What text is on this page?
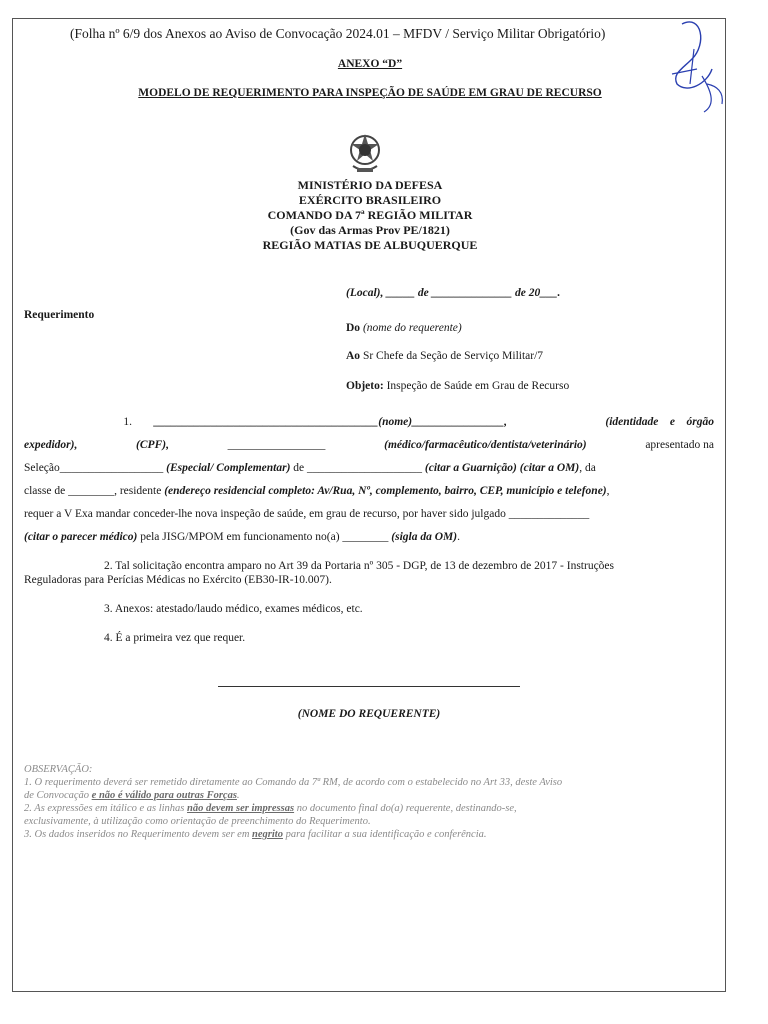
(Folha nº 6/9 dos Anexos ao Aviso de Convocação 2024.01 – MFDV / Serviço Militar Obrigatório)
ANEXO “D”
MODELO DE REQUERIMENTO PARA INSPEÇÃO DE SAÚDE EM GRAU DE RECURSO
MINISTÉRIO DA DEFESA
EXÉRCITO BRASILEIRO
COMANDO DA 7ª REGIÃO MILITAR
(Gov das Armas Prov PE/1821)
REGIÃO MATIAS DE ALBUQUERQUE
(Local), _____ de ______________ de 20___.
Requerimento
Do (nome do requerente)
Ao Sr Chefe da Seção de Serviço Militar/7
Objeto: Inspeção de Saúde em Grau de Recurso
1. _______________________________________(nome)________________,	(identidade    e    órgão
expedidor),	(CPF),	_________________	(médico/farmacêutico/dentista/veterinário)	apresentado na
Seleção__________________ (Especial/ Complementar) de ____________________ (citar a Guarnição) (citar a OM), da
classe de ________, residente (endereço residencial completo: Av/Rua, Nº, complemento, bairro, CEP, município e telefone),
requer a V Exa mandar conceder-lhe nova inspeção de saúde, em grau de recurso, por haver sido julgado ______________
(citar o parecer médico) pela JISG/MPOM em funcionamento no(a) ________ (sigla da OM).
2. Tal solicitação encontra amparo no Art 39 da Portaria nº 305 - DGP, de 13 de dezembro de 2017 - Instruções
Reguladoras para Perícias Médicas no Exército (EB30-IR-10.007).
3. Anexos: atestado/laudo médico, exames médicos, etc.
4. É a primeira vez que requer.
(NOME DO REQUERENTE)
OBSERVAÇÃO:
1. O requerimento deverá ser remetido diretamente ao Comando da 7ª RM, de acordo com o estabelecido no Art 33, deste Aviso
de Convocação e não é válido para outras Forças.
2. As expressões em itálico e as linhas não devem ser impressas no documento final do(a) requerente, destinando-se,
exclusivamente, à utilização como orientação de preenchimento do Requerimento.
3. Os dados inseridos no Requerimento devem ser em negrito para facilitar a sua identificação e conferência.
